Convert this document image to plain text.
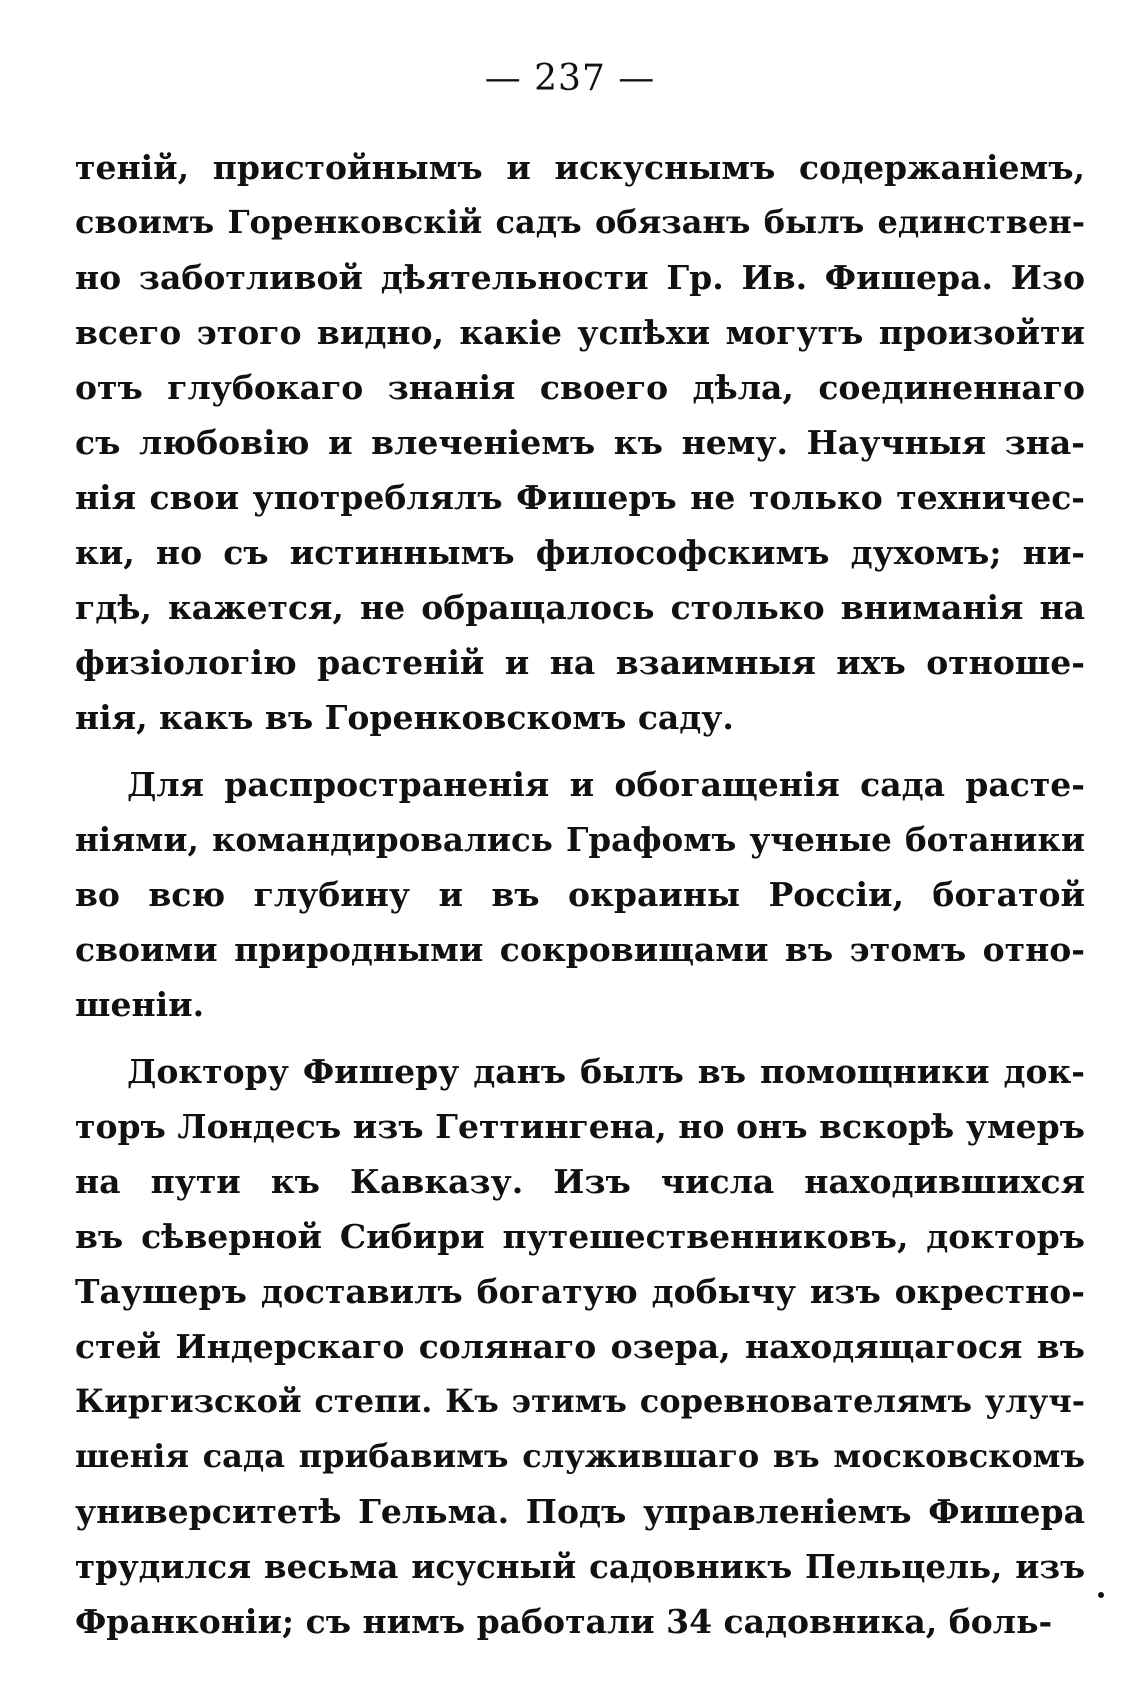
— 237 —
теній, пристойнымъ и искуснымъ содержаніемъ,
своимъ Горенковскій садъ обязанъ былъ единствен-
но заботливой дѣятельности Гр. Ив. Фишера. Изо
всего этого видно, какіе успѣхи могутъ произойти
отъ глубокаго знанія своего дѣла, соединеннаго
съ любовію и влеченіемъ къ нему. Научныя зна-
нія свои употреблялъ Фишеръ не только техничес-
ки, но съ истиннымъ философскимъ духомъ; ни-
гдѣ, кажется, не обращалось столько вниманія на
физіологію растеній и на взаимныя ихъ отноше-
нія, какъ въ Горенковскомъ саду.
Для распространенія и обогащенія сада расте-
ніями, командировались Графомъ ученые ботаники
во всю глубину и въ окраины Россіи, богатой
своими природными сокровищами въ этомъ отно-
шеніи.
Доктору Фишеру данъ былъ въ помощники док-
торъ Лондесъ изъ Геттингена, но онъ вскорѣ умеръ
на пути къ Кавказу. Изъ числа находившихся
въ сѣверной Сибири путешественниковъ, докторъ
Таушеръ доставилъ богатую добычу изъ окрестно-
стей Индерскаго солянаго озера, находящагося въ
Киргизской степи. Къ этимъ соревнователямъ улуч-
шенія сада прибавимъ служившаго въ московскомъ
университетѣ Гельма. Подъ управленіемъ Фишера
трудился весьма исусный садовникъ Пельцель, изъ
Франконіи; съ нимъ работали 34 садовника, боль-
